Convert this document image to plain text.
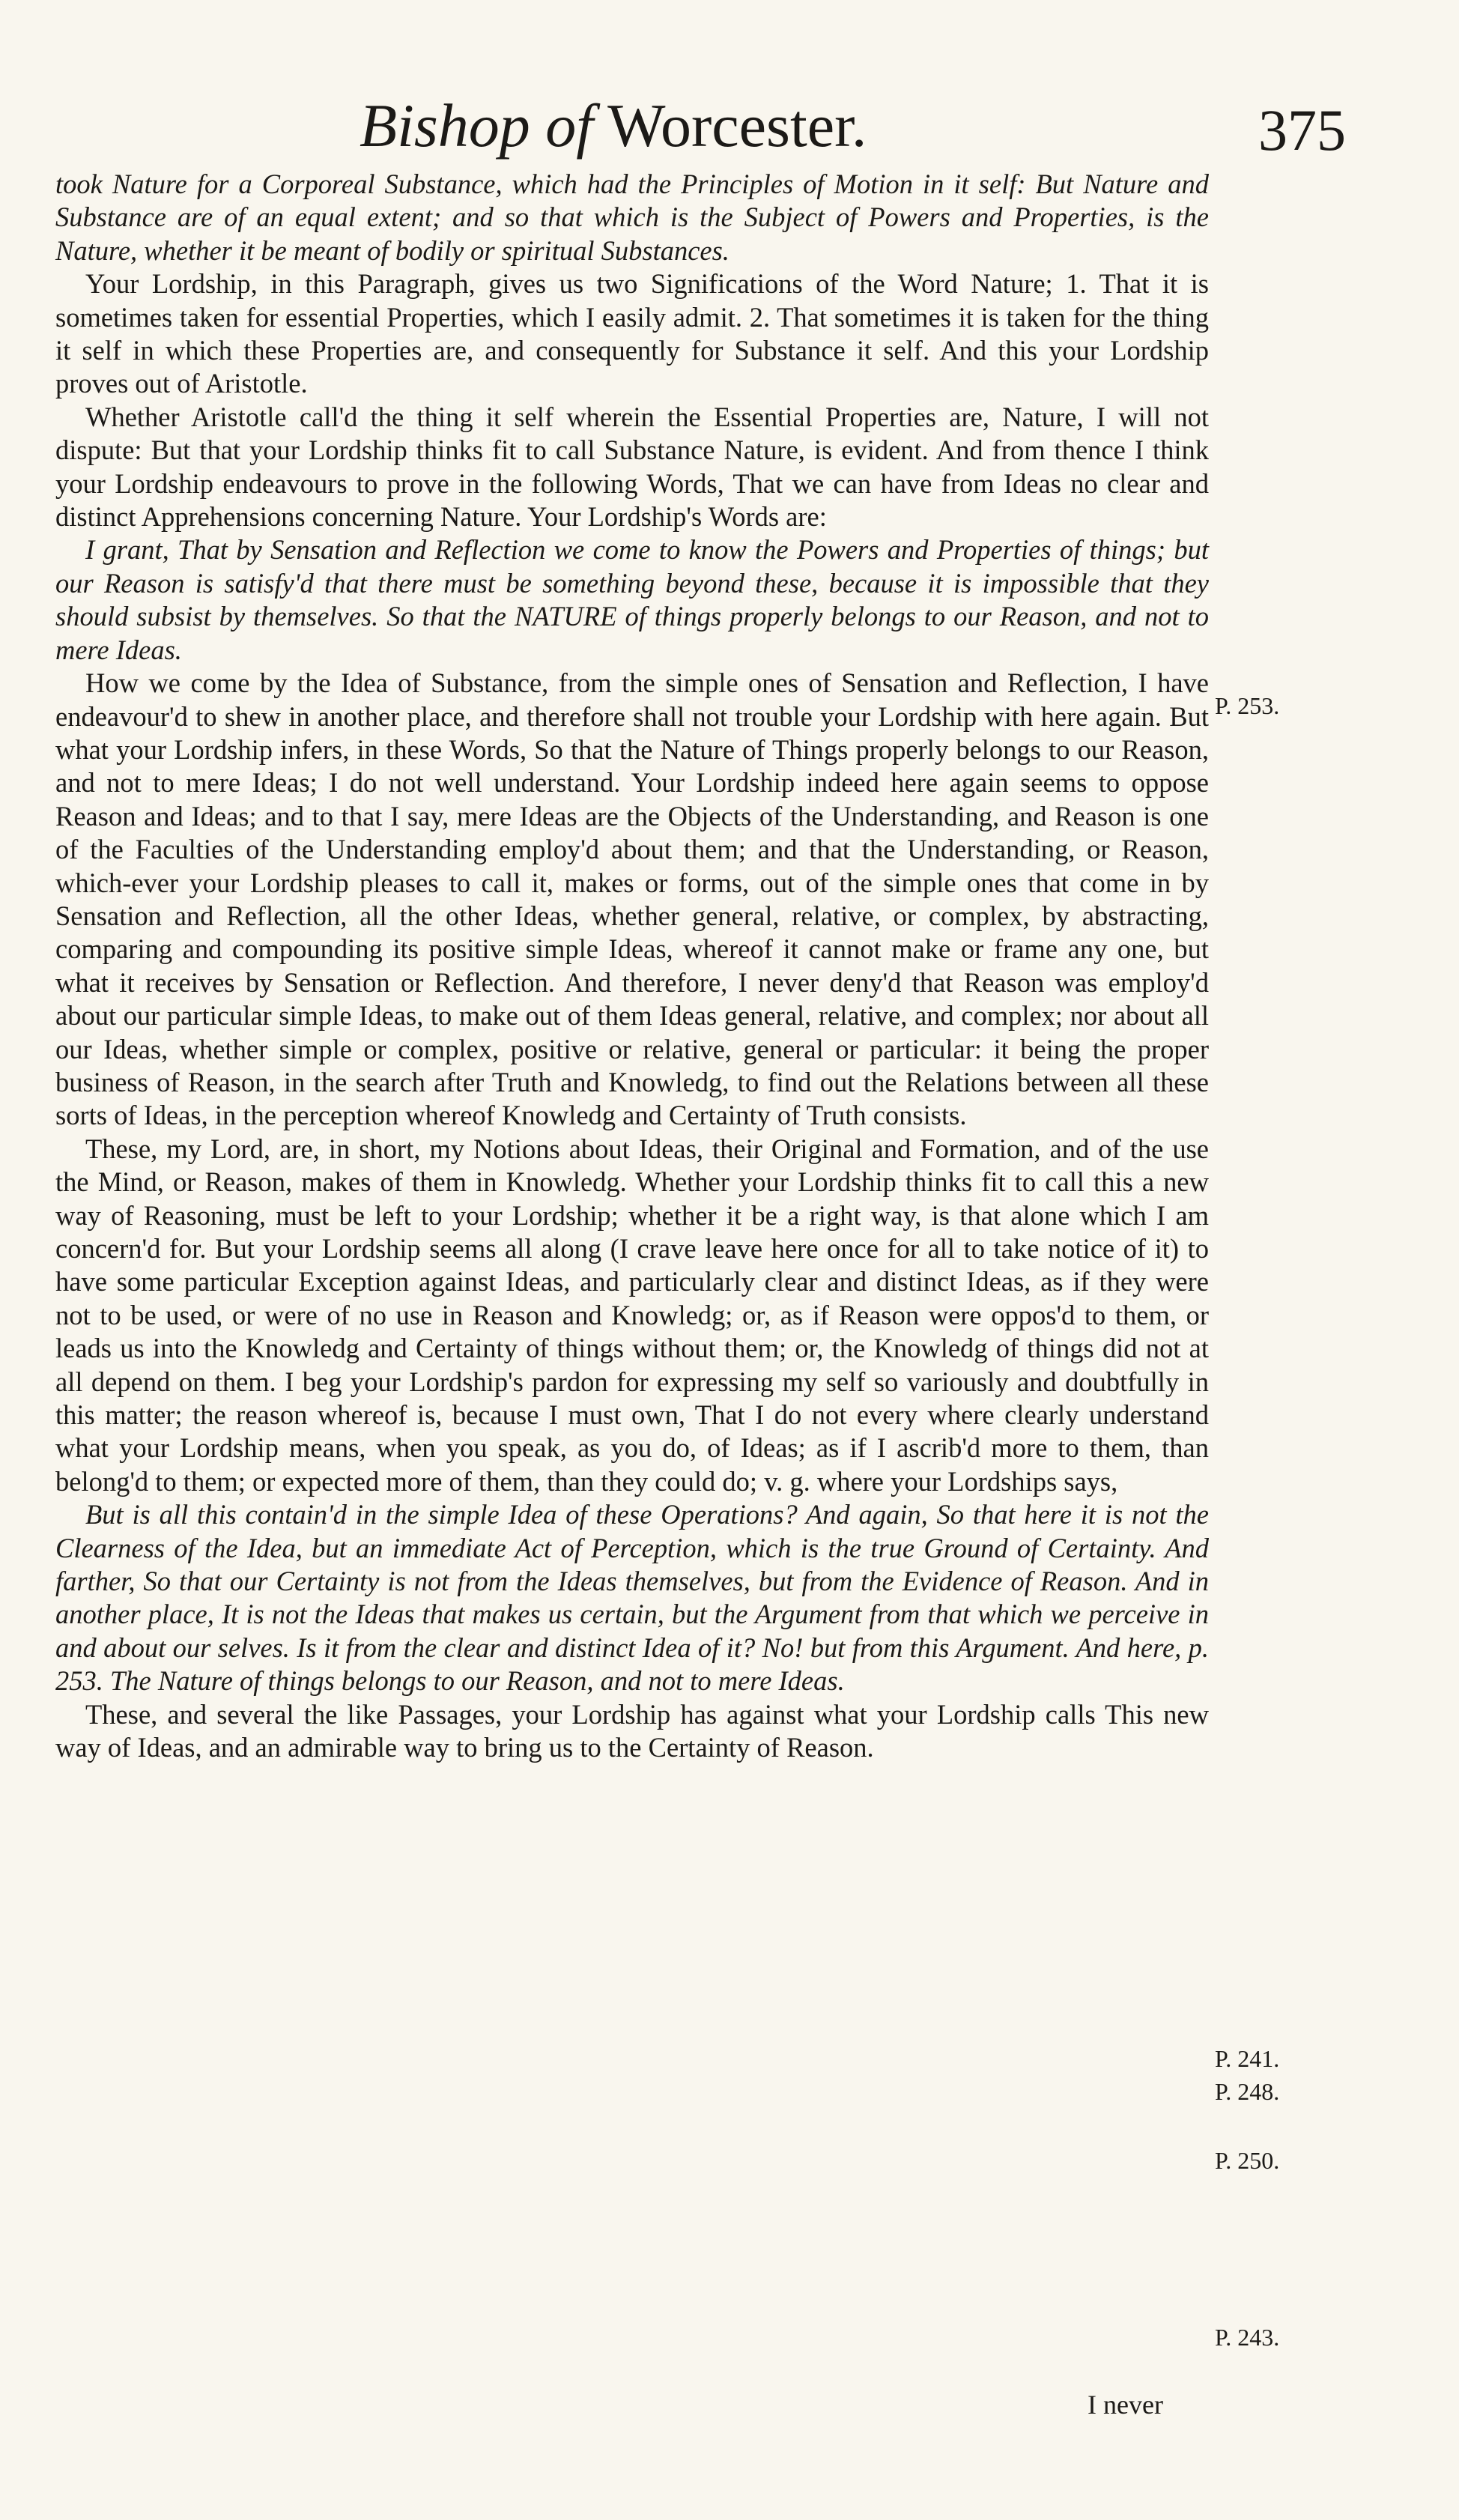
Bishop of Worcester.	375

took Nature for a Corporeal Substance, which had the Principles of Motion in it self: But Nature and Substance are of an equal extent; and so that which is the Subject of Powers and Properties, is the Nature, whether it be meant of bodily or spiritual Substances.

Your Lordship, in this Paragraph, gives us two Significations of the Word Nature; 1. That it is sometimes taken for essential Properties, which I easily admit. 2. That sometimes it is taken for the thing it self in which these Properties are, and consequently for Substance it self. And this your Lordship proves out of Aristotle.

Whether Aristotle call'd the thing it self wherein the Essential Properties are, Nature, I will not dispute: But that your Lordship thinks fit to call Substance Nature, is evident. And from thence I think your Lordship endeavours to prove in the following Words, That we can have from Ideas no clear and distinct Apprehensions concerning Nature. Your Lordship's Words are:

I grant, That by Sensation and Reflection we come to know the Powers and Properties of things; but our Reason is satisfy'd that there must be something beyond these, because it is impossible that they should subsist by themselves. So that the NATURE of things properly belongs to our Reason, and not to mere Ideas.

How we come by the Idea of Substance, from the simple ones of Sensation and Reflection, I have endeavour'd to shew in another place, and therefore shall not trouble your Lordship with here again. But what your Lordship infers, in these Words, So that the Nature of Things properly belongs to our Reason, and not to mere Ideas; I do not well understand. Your Lordship indeed here again seems to oppose Reason and Ideas; and to that I say, mere Ideas are the Objects of the Understanding, and Reason is one of the Faculties of the Understanding employ'd about them; and that the Understanding, or Reason, which-ever your Lordship pleases to call it, makes or forms, out of the simple ones that come in by Sensation and Reflection, all the other Ideas, whether general, relative, or complex, by abstracting, comparing and compounding its positive simple Ideas, whereof it cannot make or frame any one, but what it receives by Sensation or Reflection. And therefore, I never deny'd that Reason was employ'd about our particular simple Ideas, to make out of them Ideas general, relative, and complex; nor about all our Ideas, whether simple or complex, positive or relative, general or particular: it being the proper business of Reason, in the search after Truth and Knowledg, to find out the Relations between all these sorts of Ideas, in the perception whereof Knowledg and Certainty of Truth consists.

These, my Lord, are, in short, my Notions about Ideas, their Original and Formation, and of the use the Mind, or Reason, makes of them in Knowledg. Whether your Lordship thinks fit to call this a new way of Reasoning, must be left to your Lordship; whether it be a right way, is that alone which I am concern'd for. But your Lordship seems all along (I crave leave here once for all to take notice of it) to have some particular Exception against Ideas, and particularly clear and distinct Ideas, as if they were not to be used, or were of no use in Reason and Knowledg; or, as if Reason were oppos'd to them, or leads us into the Knowledg and Certainty of things without them; or, the Knowledg of things did not at all depend on them. I beg your Lordship's pardon for expressing my self so variously and doubtfully in this matter; the reason whereof is, because I must own, That I do not every where clearly understand what your Lordship means, when you speak, as you do, of Ideas; as if I ascrib'd more to them, than belong'd to them; or expected more of them, than they could do; v. g. where your Lordships says,

But is all this contain'd in the simple Idea of these Operations? And again, So that here it is not the Clearness of the Idea, but an immediate Act of Perception, which is the true Ground of Certainty. And farther, So that our Certainty is not from the Ideas themselves, but from the Evidence of Reason. And in another place, It is not the Ideas that makes us certain, but the Argument from that which we perceive in and about our selves. Is it from the clear and distinct Idea of it? No! but from this Argument. And here, p. 253. The Nature of things belongs to our Reason, and not to mere Ideas.

These, and several the like Passages, your Lordship has against what your Lordship calls This new way of Ideas, and an admirable way to bring us to the Certainty of Reason.

P. 253.
P. 241.
P. 248.
P. 250.
P. 243.
I never
